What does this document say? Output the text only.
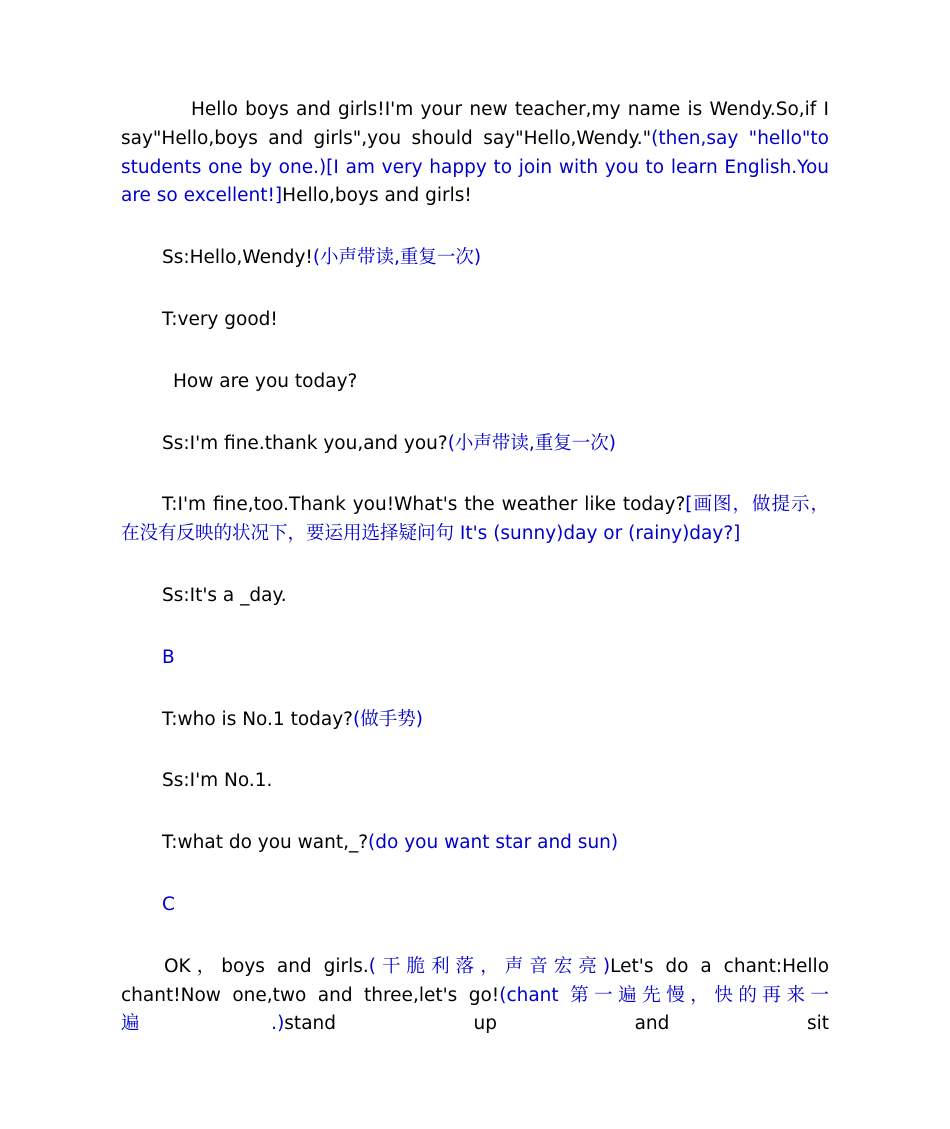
Hello boys and girls!I'm your new teacher,my name is Wendy.So,if I say"Hello,boys and girls",you should say"Hello,Wendy."(then,say "hello"to students one by one.)[I am very happy to join with you to learn English.You are so excellent!]Hello,boys and girls!

Ss:Hello,Wendy!(小声带读,重复一次)

T:very good!

How are you today?

Ss:I'm fine.thank you,and you?(小声带读,重复一次)

T:I'm fine,too.Thank you!What's the weather like today?[画图，做提示，在没有反映的状况下，要运用选择疑问句 It's (sunny)day or (rainy)day?]

Ss:It's a _day.

B

T:who is No.1 today?(做手势)

Ss:I'm No.1.

T:what do you want,_?(do you want star and sun)

C

OK，boys and girls.(干脆利落，声音宏亮)Let's do a chant:Hello chant!Now one,two and three,let's go!(chant 第一遍先慢，快的再来一遍.)stand up and sit
